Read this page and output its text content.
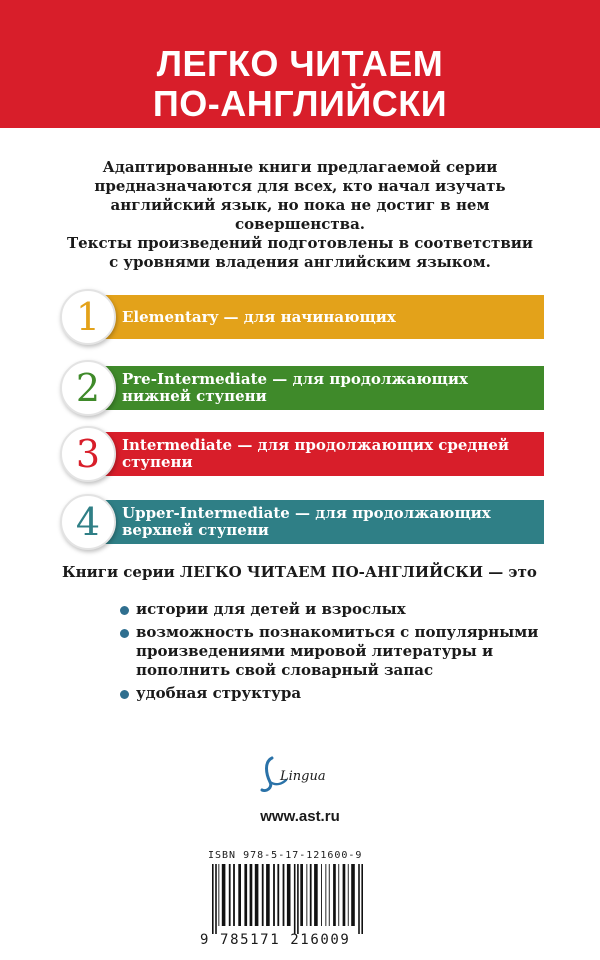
ЛЕГКО ЧИТАЕМ
ПО-АНГЛИЙСКИ

Адаптированные книги предлагаемой серии предназначаются для всех, кто начал изучать английский язык, но пока не достиг в нем совершенства.

Тексты произведений подготовлены в соответствии с уровнями владения английским языком.

1	Elementary — для начинающих
2	Pre-Intermediate — для продолжающих нижней ступени
3	Intermediate — для продолжающих средней ступени
4	Upper-Intermediate — для продолжающих верхней ступени
Книги серии ЛЕГКО ЧИТАЕМ ПО-АНГЛИЙСКИ — это
истории для детей и взрослых
возможность познакомиться с популярными произведениями мировой литературы и пополнить свой словарный запас
удобная структура
Lingua
www.ast.ru
ISBN 978-5-17-121600-9
9 785171 216009
